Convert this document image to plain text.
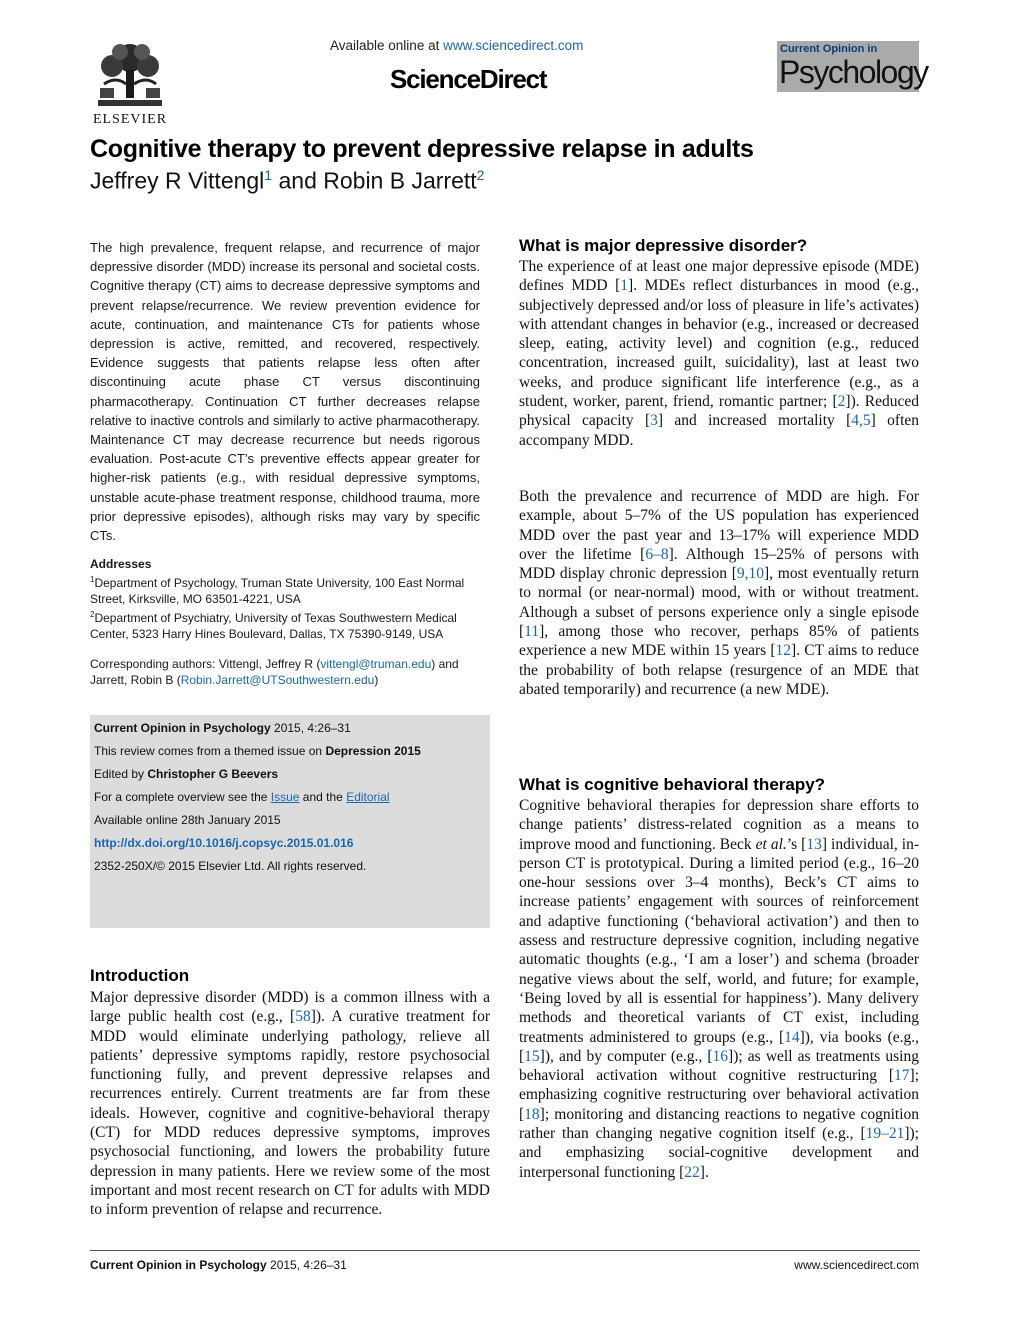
ELSEVIER
Available online at www.sciencedirect.com
ScienceDirect
Current Opinion in
Psychology
Cognitive therapy to prevent depressive relapse in adults
Jeffrey R Vittengl$^1$ and Robin B Jarrett$^2$
The high prevalence, frequent relapse, and recurrence of major depressive disorder (MDD) increase its personal and societal costs. Cognitive therapy (CT) aims to decrease depressive symptoms and prevent relapse/recurrence. We review prevention evidence for acute, continuation, and maintenance CTs for patients whose depression is active, remitted, and recovered, respectively. Evidence suggests that patients relapse less often after discontinuing acute phase CT versus discontinuing pharmacotherapy. Continuation CT further decreases relapse relative to inactive controls and similarly to active pharmacotherapy. Maintenance CT may decrease recurrence but needs rigorous evaluation. Post-acute CT’s preventive effects appear greater for higher-risk patients (e.g., with residual depressive symptoms, unstable acute-phase treatment response, childhood trauma, more prior depressive episodes), although risks may vary by specific CTs.
Addresses
$^1$Department of Psychology, Truman State University, 100 East Normal Street, Kirksville, MO 63501-4221, USA
$^2$Department of Psychiatry, University of Texas Southwestern Medical Center, 5323 Harry Hines Boulevard, Dallas, TX 75390-9149, USA
Corresponding authors: Vittengl, Jeffrey R (vittengl@truman.edu) and Jarrett, Robin B (Robin.Jarrett@UTSouthwestern.edu)
Current Opinion in Psychology 2015, 4:26–31
This review comes from a themed issue on Depression 2015
Edited by Christopher G Beevers
For a complete overview see the Issue and the Editorial
Available online 28th January 2015
http://dx.doi.org/10.1016/j.copsyc.2015.01.016
2352-250X/© 2015 Elsevier Ltd. All rights reserved.
Introduction
Major depressive disorder (MDD) is a common illness with a large public health cost (e.g., [58]). A curative treatment for MDD would eliminate underlying pathology, relieve all patients’ depressive symptoms rapidly, restore psychosocial functioning fully, and prevent depressive relapses and recurrences entirely. Current treatments are far from these ideals. However, cognitive and cognitive-behavioral therapy (CT) for MDD reduces depressive symptoms, improves psychosocial functioning, and lowers the probability future depression in many patients. Here we review some of the most important and most recent research on CT for adults with MDD to inform prevention of relapse and recurrence.
What is major depressive disorder?
The experience of at least one major depressive episode (MDE) defines MDD [1]. MDEs reflect disturbances in mood (e.g., subjectively depressed and/or loss of pleasure in life’s activates) with attendant changes in behavior (e.g., increased or decreased sleep, eating, activity level) and cognition (e.g., reduced concentration, increased guilt, suicidality), last at least two weeks, and produce significant life interference (e.g., as a student, worker, parent, friend, romantic partner; [2]). Reduced physical capacity [3] and increased mortality [4,5] often accompany MDD.
Both the prevalence and recurrence of MDD are high. For example, about 5–7% of the US population has experienced MDD over the past year and 13–17% will experience MDD over the lifetime [6–8]. Although 15–25% of persons with MDD display chronic depression [9,10], most eventually return to normal (or near-normal) mood, with or without treatment. Although a subset of persons experience only a single episode [11], among those who recover, perhaps 85% of patients experience a new MDE within 15 years [12]. CT aims to reduce the probability of both relapse (resurgence of an MDE that abated temporarily) and recurrence (a new MDE).
What is cognitive behavioral therapy?
Cognitive behavioral therapies for depression share efforts to change patients’ distress-related cognition as a means to improve mood and functioning. Beck et al.’s [13] individual, in-person CT is prototypical. During a limited period (e.g., 16–20 one-hour sessions over 3–4 months), Beck’s CT aims to increase patients’ engagement with sources of reinforcement and adaptive functioning (‘behavioral activation’) and then to assess and restructure depressive cognition, including negative automatic thoughts (e.g., ‘I am a loser’) and schema (broader negative views about the self, world, and future; for example, ‘Being loved by all is essential for happiness’). Many delivery methods and theoretical variants of CT exist, including treatments administered to groups (e.g., [14]), via books (e.g., [15]), and by computer (e.g., [16]); as well as treatments using behavioral activation without cognitive restructuring [17]; emphasizing cognitive restructuring over behavioral activation [18]; monitoring and distancing reactions to negative cognition rather than changing negative cognition itself (e.g., [19–21]); and emphasizing social-cognitive development and interpersonal functioning [22].
Current Opinion in Psychology 2015, 4:26–31	www.sciencedirect.com
